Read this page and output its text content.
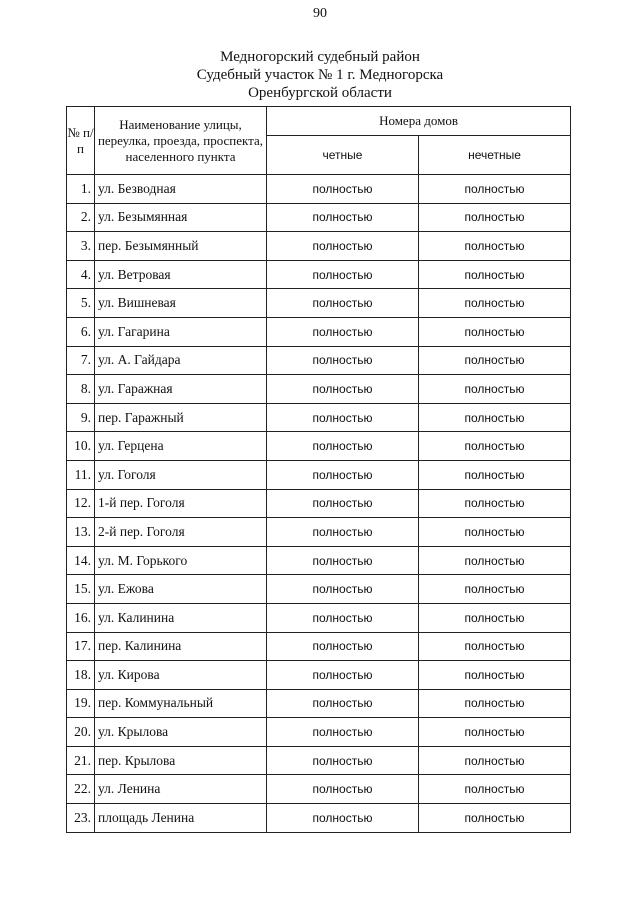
90
Медногорский судебный район
Судебный участок № 1 г. Медногорска
Оренбургской области
№ п/п	Наименование улицы, переулка, проезда, проспекта, населенного пункта	Номера домов	
		четные	нечетные
1.	ул. Безводная	полностью	полностью
2.	ул. Безымянная	полностью	полностью
3.	пер. Безымянный	полностью	полностью
4.	ул. Ветровая	полностью	полностью
5.	ул. Вишневая	полностью	полностью
6.	ул. Гагарина	полностью	полностью
7.	ул. А. Гайдара	полностью	полностью
8.	ул. Гаражная	полностью	полностью
9.	пер. Гаражный	полностью	полностью
10.	ул. Герцена	полностью	полностью
11.	ул. Гоголя	полностью	полностью
12.	1-й пер. Гоголя	полностью	полностью
13.	2-й пер. Гоголя	полностью	полностью
14.	ул. М. Горького	полностью	полностью
15.	ул. Ежова	полностью	полностью
16.	ул. Калинина	полностью	полностью
17.	пер. Калинина	полностью	полностью
18.	ул. Кирова	полностью	полностью
19.	пер. Коммунальный	полностью	полностью
20.	ул. Крылова	полностью	полностью
21.	пер. Крылова	полностью	полностью
22.	ул. Ленина	полностью	полностью
23.	площадь Ленина	полностью	полностью
